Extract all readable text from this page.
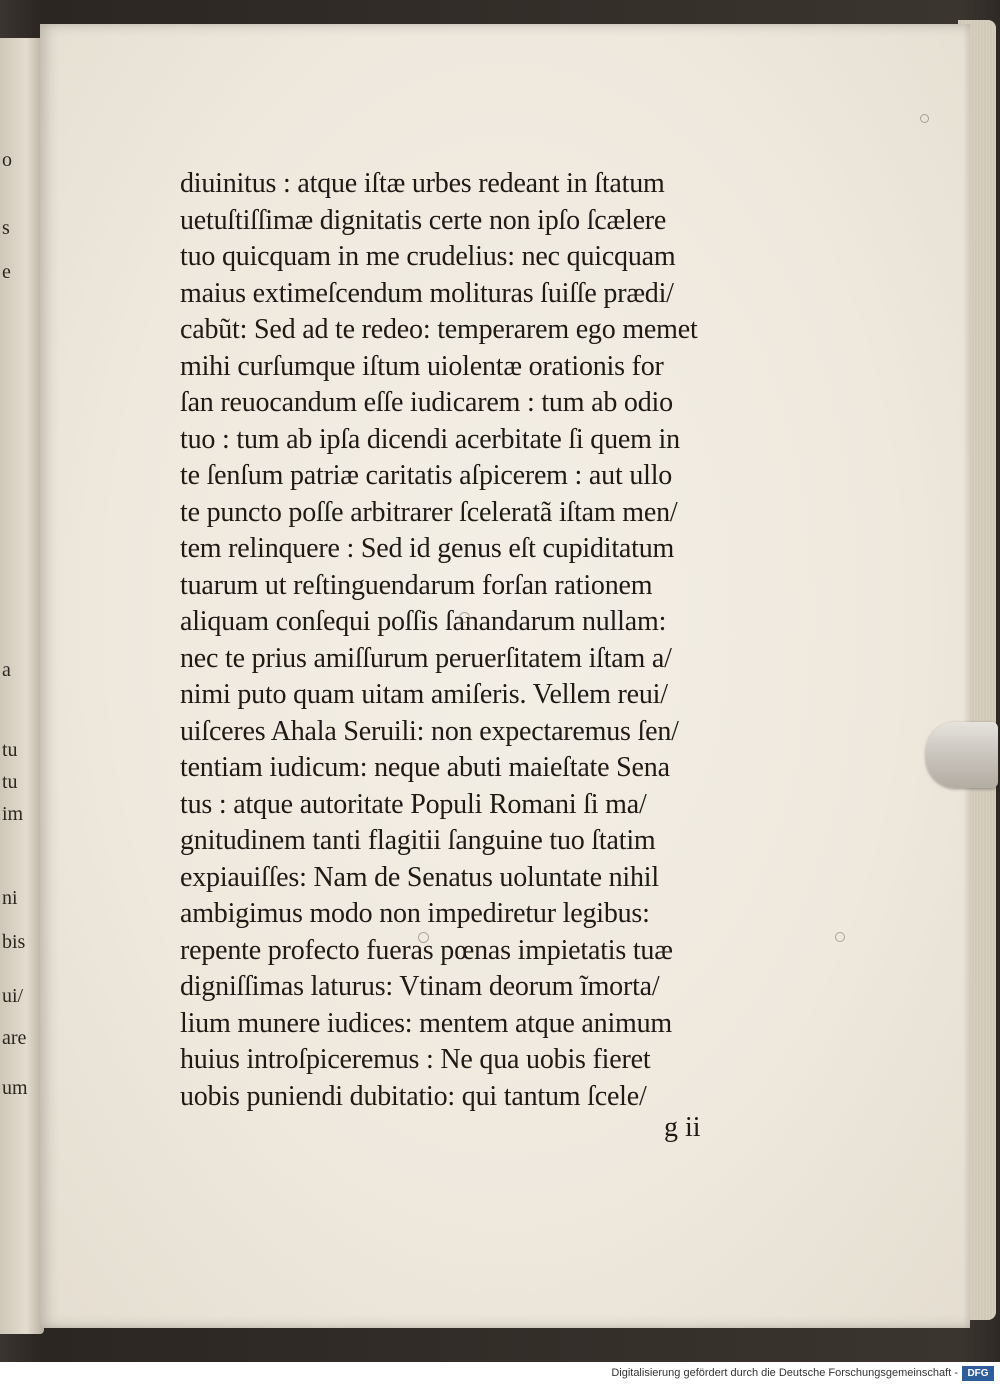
o
s
e
a
tu
tu
im
ni
bis
ui/
are
um
diuinitus : atque iſtæ urbes redeant in ſtatum
uetuſtiſſimæ dignitatis certe non ipſo ſcælere
tuo quicquam in me crudelius: nec quicquam
maius extimeſcendum molituras ſuiſſe prædi/
cabũt: Sed ad te redeo: temperarem ego memet
mihi curſumque iſtum uiolentæ orationis for
ſan reuocandum eſſe iudicarem : tum ab odio
tuo : tum ab ipſa dicendi acerbitate ſi quem in
te ſenſum patriæ caritatis aſpicerem : aut ullo
te puncto poſſe arbitrarer ſceleratã iſtam men/
tem relinquere : Sed id genus eſt cupiditatum
tuarum ut reſtinguendarum forſan rationem
aliquam conſequi poſſis ſanandarum nullam:
nec te prius amiſſurum peruerſitatem iſtam a/
nimi puto quam uitam amiſeris. Vellem reui/
uiſceres Ahala Seruili: non expectaremus ſen/
tentiam iudicum: neque abuti maieſtate Sena
tus : atque autoritate Populi Romani ſi ma/
gnitudinem tanti flagitii ſanguine tuo ſtatim
expiauiſſes: Nam de Senatus uoluntate nihil
ambigimus modo non impediretur legibus:
repente profecto fueras pœnas impietatis tuæ
digniſſimas laturus: Vtinam deorum ĩmorta/
lium munere iudices: mentem atque animum
huius introſpiceremus : Ne qua uobis fieret
uobis puniendi dubitatio: qui tantum ſcele/
g ii
Digitalisierung gefördert durch die Deutsche Forschungsgemeinschaft - DFG
